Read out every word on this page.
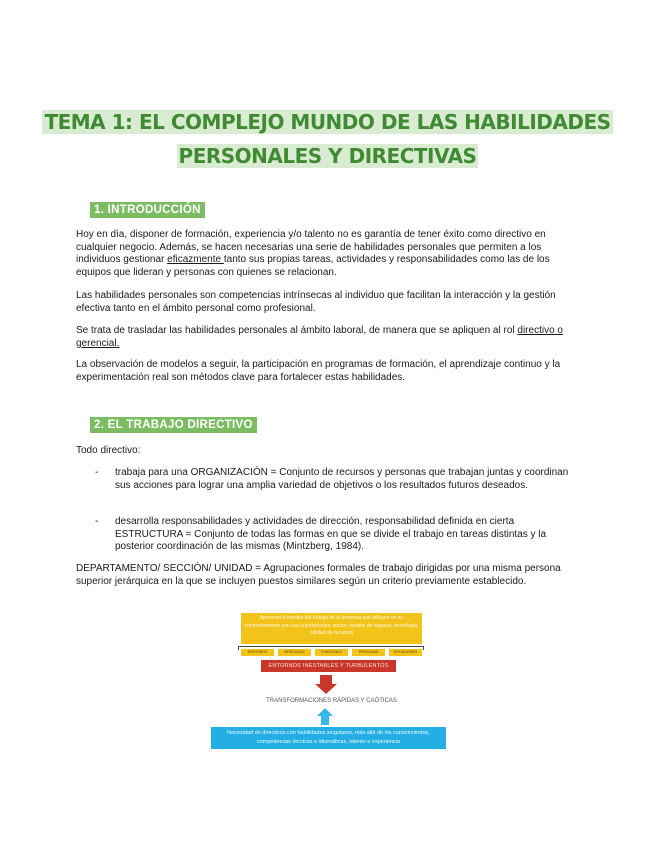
TEMA 1: EL COMPLEJO MUNDO DE LAS HABILIDADES
PERSONALES Y DIRECTIVAS
1. INTRODUCCIÓN

Hoy en día, disponer de formación, experiencia y/o talento no es garantía de tener éxito como directivo en cualquier negocio. Además, se hacen necesarias una serie de habilidades personales que permiten a los individuos gestionar eficazmente tanto sus propias tareas, actividades y responsabilidades como las de los equipos que lideran y personas con quienes se relacionan.

Las habilidades personales son competencias intrínsecas al individuo que facilitan la interacción y la gestión efectiva tanto en el ámbito personal como profesional.

Se trata de trasladar las habilidades personales al ámbito laboral, de manera que se apliquen al rol directivo o gerencial.

La observación de modelos a seguir, la participación en programas de formación, el aprendizaje continuo y la experimentación real son métodos clave para fortalecer estas habilidades.

2. EL TRABAJO DIRECTIVO

Todo directivo:

- trabaja para una ORGANIZACIÓN = Conjunto de recursos y personas que trabajan juntas y coordinan sus acciones para lograr una amplia variedad de objetivos o los resultados futuros deseados.
- desarrolla responsabilidades y actividades de dirección, responsabilidad definida en cierta ESTRUCTURA = Conjunto de todas las formas en que se divide el trabajo en tareas distintas y la posterior coordinación de las mismas (Mintzberg, 1984).

DEPARTAMENTO/ SECCIÓN/ UNIDAD = Agrupaciones formales de trabajo dirigidas por una misma persona superior jerárquica en la que se incluyen puestos similares según un criterio previamente establecido.

Aparecen a fuentes del trabajo de la empresa que influyen en su comportamiento con sus orientaciones: sector, modelo de negocio, tecnología, calidad de recursos
ENTORNOS	MERCADOS	FUNCIONES	PERSONAS	SITUACIONES
ENTORNOS INESTABLES Y TURBULENTOS
TRANSFORMACIONES RÁPIDAS Y CAÓTICAS
Necesidad de directivos con habilidades singulares, más allá de los conocimientos, competencias técnicas e idiomáticas, talento o experiencia
